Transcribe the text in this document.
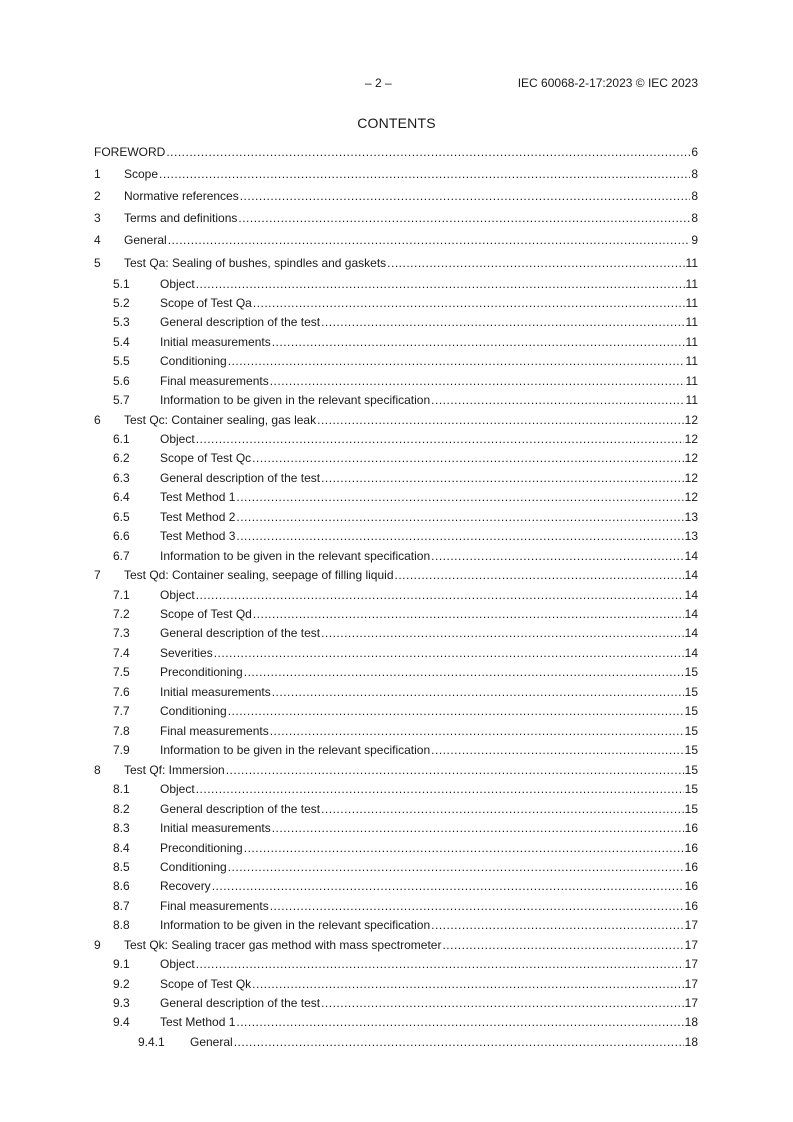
– 2 –	IEC 60068-2-17:2023 © IEC 2023
CONTENTS
FOREWORD .....	6
1	Scope .....	8
2	Normative references .....	8
3	Terms and definitions .....	8
4	General .....	9
5	Test Qa: Sealing of bushes, spindles and gaskets .....	11
5.1	Object .....	11
5.2	Scope of Test Qa .....	11
5.3	General description of the test .....	11
5.4	Initial measurements .....	11
5.5	Conditioning .....	11
5.6	Final measurements .....	11
5.7	Information to be given in the relevant specification .....	11
6	Test Qc: Container sealing, gas leak .....	12
6.1	Object .....	12
6.2	Scope of Test Qc .....	12
6.3	General description of the test .....	12
6.4	Test Method 1 .....	12
6.5	Test Method 2 .....	13
6.6	Test Method 3 .....	13
6.7	Information to be given in the relevant specification .....	14
7	Test Qd: Container sealing, seepage of filling liquid .....	14
7.1	Object .....	14
7.2	Scope of Test Qd .....	14
7.3	General description of the test .....	14
7.4	Severities .....	14
7.5	Preconditioning .....	15
7.6	Initial measurements .....	15
7.7	Conditioning .....	15
7.8	Final measurements .....	15
7.9	Information to be given in the relevant specification .....	15
8	Test Qf: Immersion .....	15
8.1	Object .....	15
8.2	General description of the test .....	15
8.3	Initial measurements .....	16
8.4	Preconditioning .....	16
8.5	Conditioning .....	16
8.6	Recovery .....	16
8.7	Final measurements .....	16
8.8	Information to be given in the relevant specification .....	17
9	Test Qk: Sealing tracer gas method with mass spectrometer .....	17
9.1	Object .....	17
9.2	Scope of Test Qk .....	17
9.3	General description of the test .....	17
9.4	Test Method 1 .....	18
9.4.1	General .....	18
